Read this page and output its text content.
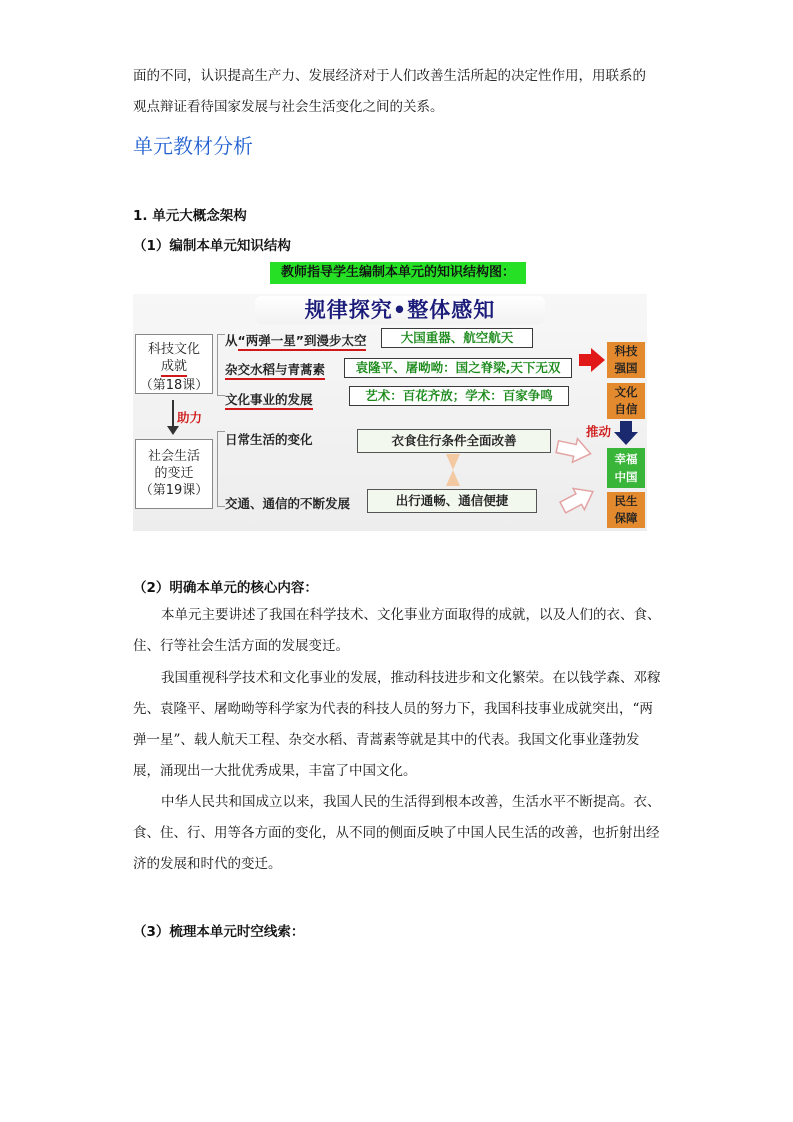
面的不同，认识提高生产力、发展经济对于人们改善生活所起的决定性作用，用联系的

观点辩证看待国家发展与社会生活变化之间的关系。

单元教材分析
1. 单元大概念架构
（1）编制本单元知识结构
教师指导学生编制本单元的知识结构图：
规律探究•整体感知
科技文化
成就
（第18课）
社会生活
的变迁
（第19课）
助力
从“两弹一星”到漫步太空
杂交水稻与青蒿素
文化事业的发展
日常生活的变化
交通、通信的不断发展
大国重器、航空航天
袁隆平、屠呦呦：国之脊梁,天下无双
艺术：百花齐放；学术：百家争鸣
衣食住行条件全面改善
出行通畅、通信便捷
科技
强国
文化
自信
幸福
中国
民生
保障
推动
（2）明确本单元的核心内容：

本单元主要讲述了我国在科学技术、文化事业方面取得的成就，以及人们的衣、食、住、行等社会生活方面的发展变迁。

我国重视科学技术和文化事业的发展，推动科技进步和文化繁荣。在以钱学森、邓稼先、袁隆平、屠呦呦等科学家为代表的科技人员的努力下，我国科技事业成就突出，“两弹一星”、载人航天工程、杂交水稻、青蒿素等就是其中的代表。我国文化事业蓬勃发展，涌现出一大批优秀成果，丰富了中国文化。

中华人民共和国成立以来，我国人民的生活得到根本改善，生活水平不断提高。衣、食、住、行、用等各方面的变化，从不同的侧面反映了中国人民生活的改善，也折射出经济的发展和时代的变迁。

（3）梳理本单元时空线索：
